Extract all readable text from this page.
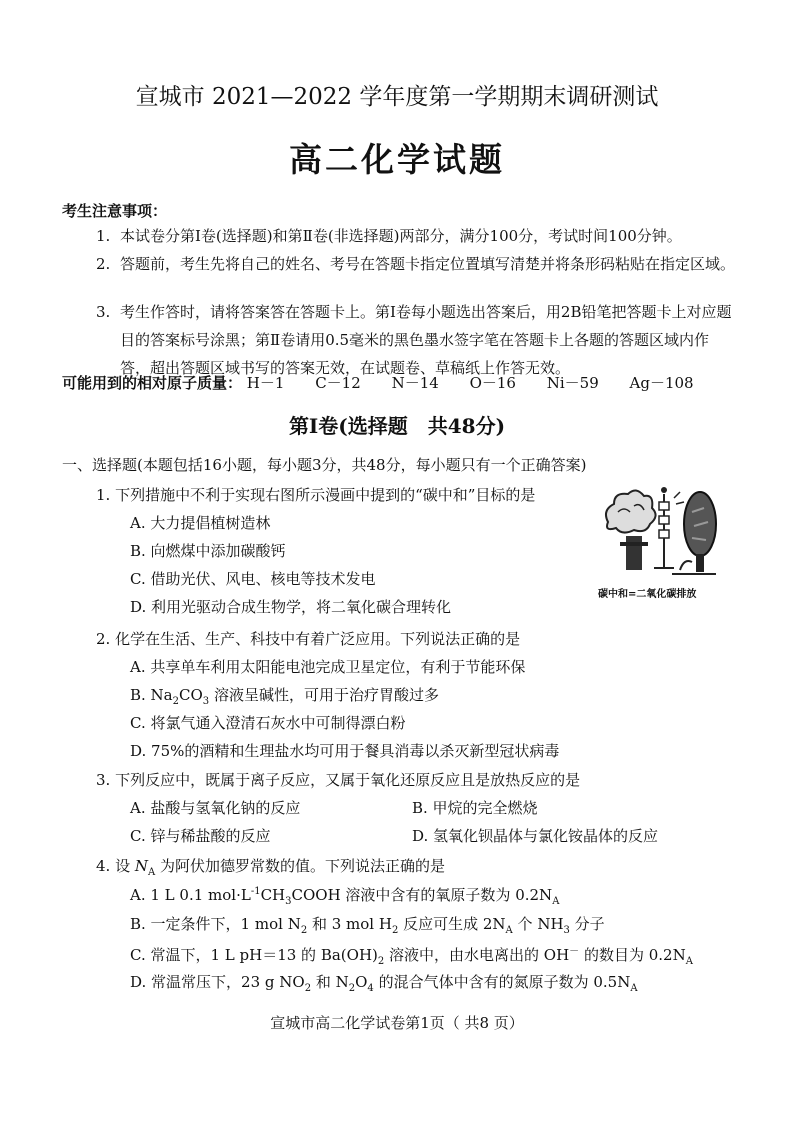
宣城市 2021—2022 学年度第一学期期末调研测试
高二化学试题
考生注意事项：
1. 本试卷分第Ⅰ卷(选择题)和第Ⅱ卷(非选择题)两部分，满分100分，考试时间100分钟。
2. 答题前，考生先将自己的姓名、考号在答题卡指定位置填写清楚并将条形码粘贴在指定区域。
3. 考生作答时，请将答案答在答题卡上。第Ⅰ卷每小题选出答案后，用2B铅笔把答题卡上对应题目的答案标号涂黑；第Ⅱ卷请用0.5毫米的黑色墨水签字笔在答题卡上各题的答题区域内作答，超出答题区域书写的答案无效，在试题卷、草稿纸上作答无效。
可能用到的相对原子质量： H－1 C－12 N－14 O－16 Ni－59 Ag－108
第Ⅰ卷(选择题　共48分)
一、选择题(本题包括16小题，每小题3分，共48分，每小题只有一个正确答案)
1. 下列措施中不利于实现右图所示漫画中提到的“碳中和”目标的是
A. 大力提倡植树造林
B. 向燃煤中添加碳酸钙
C. 借助光伏、风电、核电等技术发电
D. 利用光驱动合成生物学，将二氧化碳合理转化
碳中和=二氧化碳排放
2. 化学在生活、生产、科技中有着广泛应用。下列说法正确的是
A. 共享单车利用太阳能电池完成卫星定位，有利于节能环保
B. $Na_2CO_3$ 溶液呈碱性，可用于治疗胃酸过多
C. 将氯气通入澄清石灰水中可制得漂白粉
D. 75%的酒精和生理盐水均可用于餐具消毒以杀灭新型冠状病毒
3. 下列反应中，既属于离子反应，又属于氧化还原反应且是放热反应的是
A. 盐酸与氢氧化钠的反应	B. 甲烷的完全燃烧
C. 锌与稀盐酸的反应	D. 氢氧化钡晶体与氯化铵晶体的反应
4. 设 $N_A$ 为阿伏加德罗常数的值。下列说法正确的是
A. 1 L 0.1 $mol\cdot L^{-1}CH_3COOH$ 溶液中含有的氧原子数为 $0.2N_A$
B. 一定条件下，1 mol $N_2$ 和 3 mol $H_2$ 反应可生成 $2N_A$ 个 $NH_3$ 分子
C. 常温下，1 L pH＝13 的 $Ba(OH)_2$ 溶液中，由水电离出的 OH－ 的数目为 $0.2N_A$
D. 常温常压下，23 g $NO_2$ 和 $N_2O_4$ 的混合气体中含有的氮原子数为 $0.5N_A$
宣城市高二化学试卷第1页（ 共8 页）
